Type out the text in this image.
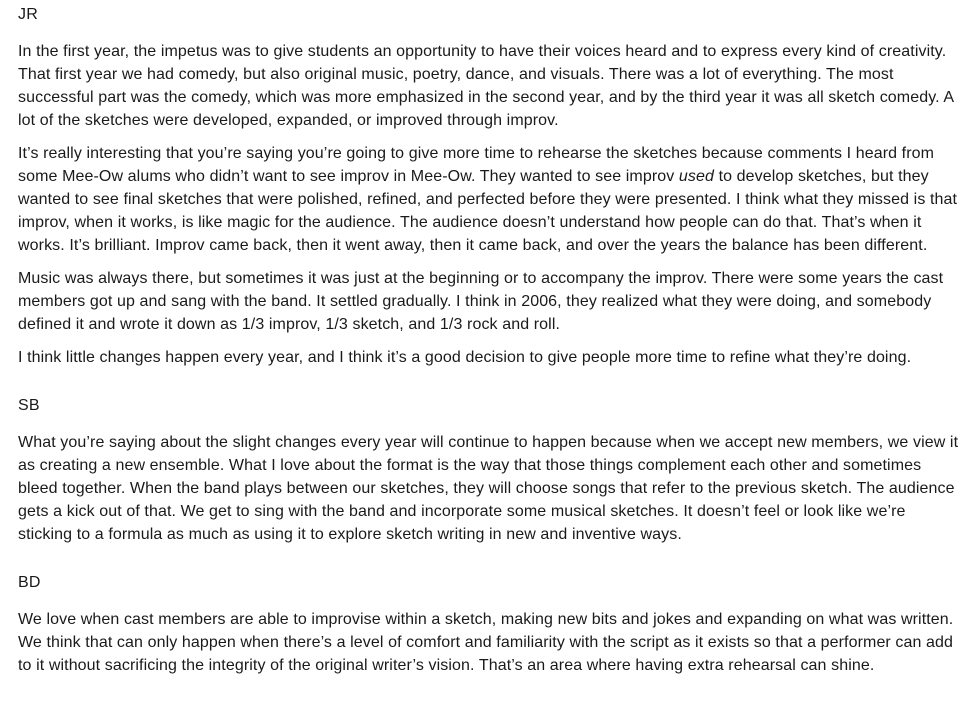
JR

In the first year, the impetus was to give students an opportunity to have their voices heard and to express every kind of creativity. That first year we had comedy, but also original music, poetry, dance, and visuals. There was a lot of everything. The most successful part was the comedy, which was more emphasized in the second year, and by the third year it was all sketch comedy. A lot of the sketches were developed, expanded, or improved through improv.

It’s really interesting that you’re saying you’re going to give more time to rehearse the sketches because comments I heard from some Mee-Ow alums who didn’t want to see improv in Mee-Ow. They wanted to see improv used to develop sketches, but they wanted to see final sketches that were polished, refined, and perfected before they were presented. I think what they missed is that improv, when it works, is like magic for the audience. The audience doesn’t understand how people can do that. That’s when it works. It’s brilliant. Improv came back, then it went away, then it came back, and over the years the balance has been different.

Music was always there, but sometimes it was just at the beginning or to accompany the improv. There were some years the cast members got up and sang with the band. It settled gradually. I think in 2006, they realized what they were doing, and somebody defined it and wrote it down as 1/3 improv, 1/3 sketch, and 1/3 rock and roll.

I think little changes happen every year, and I think it’s a good decision to give people more time to refine what they’re doing.

SB

What you’re saying about the slight changes every year will continue to happen because when we accept new members, we view it as creating a new ensemble. What I love about the format is the way that those things complement each other and sometimes bleed together. When the band plays between our sketches, they will choose songs that refer to the previous sketch. The audience gets a kick out of that. We get to sing with the band and incorporate some musical sketches. It doesn’t feel or look like we’re sticking to a formula as much as using it to explore sketch writing in new and inventive ways.

BD

We love when cast members are able to improvise within a sketch, making new bits and jokes and expanding on what was written. We think that can only happen when there’s a level of comfort and familiarity with the script as it exists so that a performer can add to it without sacrificing the integrity of the original writer’s vision. That’s an area where having extra rehearsal can shine.
